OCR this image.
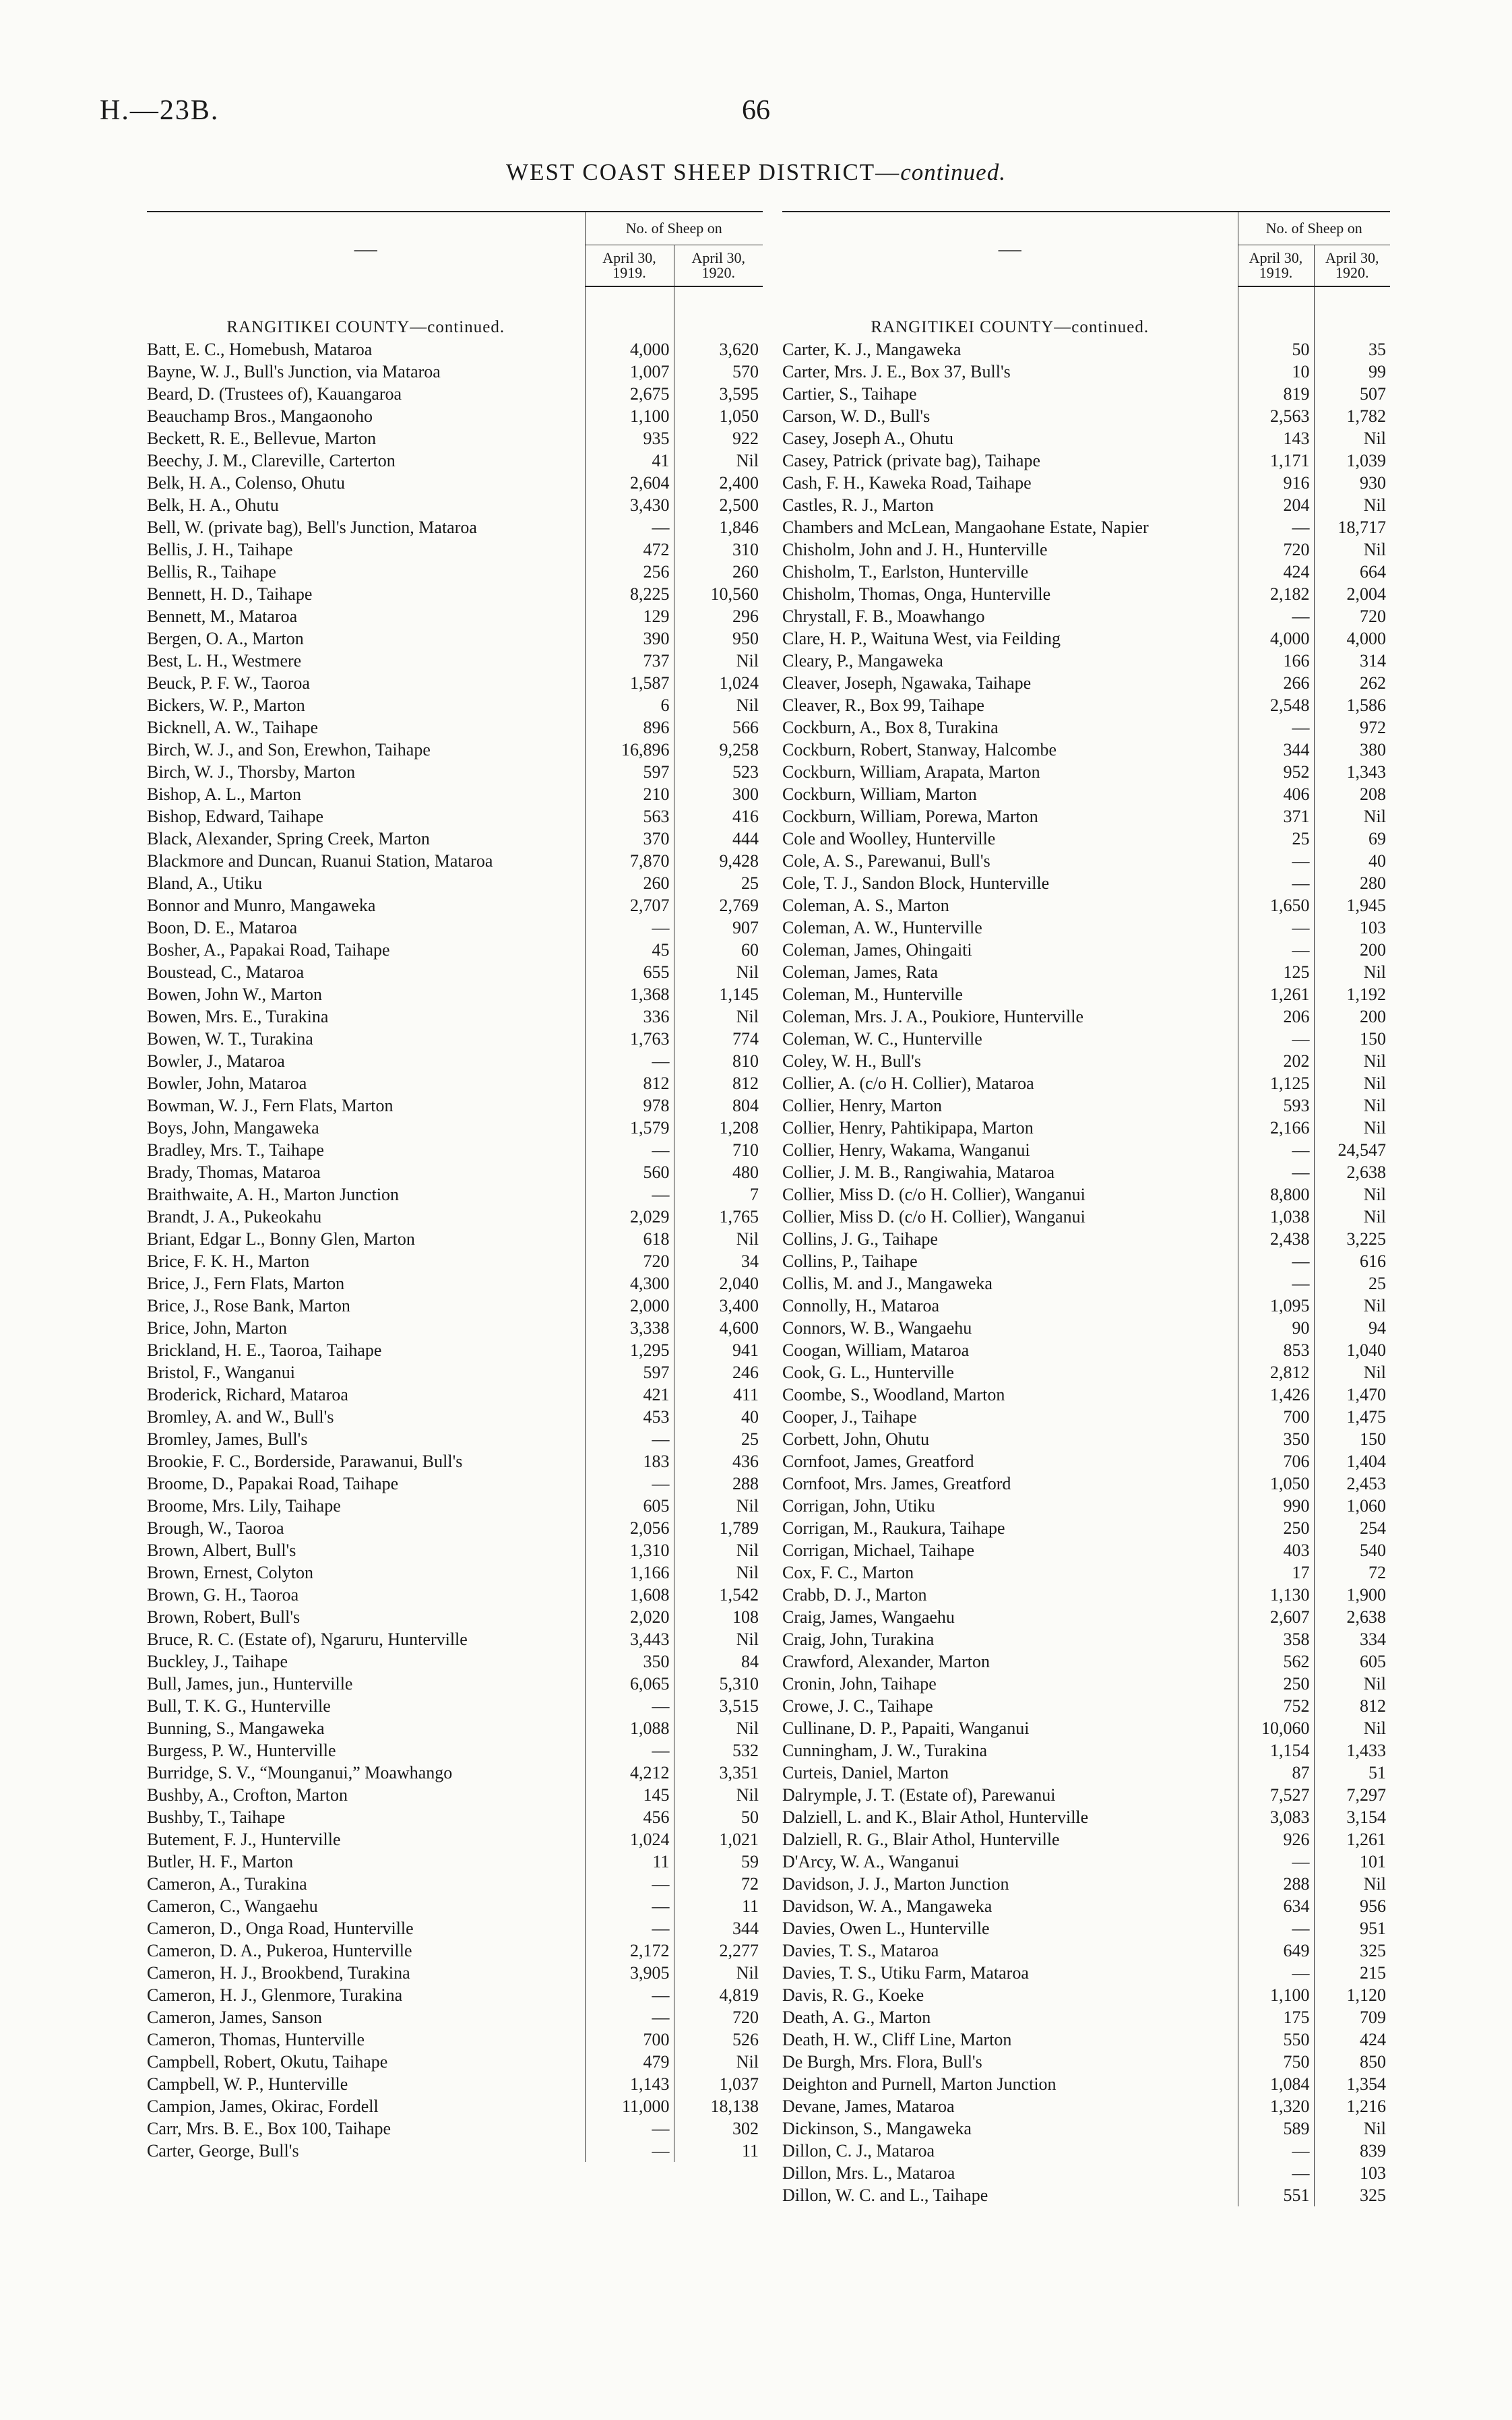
H.—23B.	66
WEST COAST SHEEP DISTRICT—continued.
—	No. of Sheep on	
	April 30, 1919.	April 30, 1920.
RANGITIKEI COUNTY—continued.		
Batt, E. C., Homebush, Mataroa	4,000	3,620
Bayne, W. J., Bull's Junction, via Mataroa	1,007	570
Beard, D. (Trustees of), Kauangaroa	2,675	3,595
Beauchamp Bros., Mangaonoho	1,100	1,050
Beckett, R. E., Bellevue, Marton	935	922
Beechy, J. M., Clareville, Carterton	41	Nil
Belk, H. A., Colenso, Ohutu	2,604	2,400
Belk, H. A., Ohutu	3,430	2,500
Bell, W. (private bag), Bell's Junction, Mataroa	—	1,846
Bellis, J. H., Taihape	472	310
Bellis, R., Taihape	256	260
Bennett, H. D., Taihape	8,225	10,560
Bennett, M., Mataroa	129	296
Bergen, O. A., Marton	390	950
Best, L. H., Westmere	737	Nil
Beuck, P. F. W., Taoroa	1,587	1,024
Bickers, W. P., Marton	6	Nil
Bicknell, A. W., Taihape	896	566
Birch, W. J., and Son, Erewhon, Taihape	16,896	9,258
Birch, W. J., Thorsby, Marton	597	523
Bishop, A. L., Marton	210	300
Bishop, Edward, Taihape	563	416
Black, Alexander, Spring Creek, Marton	370	444
Blackmore and Duncan, Ruanui Station, Mataroa	7,870	9,428
Bland, A., Utiku	260	25
Bonnor and Munro, Mangaweka	2,707	2,769
Boon, D. E., Mataroa	—	907
Bosher, A., Papakai Road, Taihape	45	60
Boustead, C., Mataroa	655	Nil
Bowen, John W., Marton	1,368	1,145
Bowen, Mrs. E., Turakina	336	Nil
Bowen, W. T., Turakina	1,763	774
Bowler, J., Mataroa	—	810
Bowler, John, Mataroa	812	812
Bowman, W. J., Fern Flats, Marton	978	804
Boys, John, Mangaweka	1,579	1,208
Bradley, Mrs. T., Taihape	—	710
Brady, Thomas, Mataroa	560	480
Braithwaite, A. H., Marton Junction	—	7
Brandt, J. A., Pukeokahu	2,029	1,765
Briant, Edgar L., Bonny Glen, Marton	618	Nil
Brice, F. K. H., Marton	720	34
Brice, J., Fern Flats, Marton	4,300	2,040
Brice, J., Rose Bank, Marton	2,000	3,400
Brice, John, Marton	3,338	4,600
Brickland, H. E., Taoroa, Taihape	1,295	941
Bristol, F., Wanganui	597	246
Broderick, Richard, Mataroa	421	411
Bromley, A. and W., Bull's	453	40
Bromley, James, Bull's	—	25
Brookie, F. C., Borderside, Parawanui, Bull's	183	436
Broome, D., Papakai Road, Taihape	—	288
Broome, Mrs. Lily, Taihape	605	Nil
Brough, W., Taoroa	2,056	1,789
Brown, Albert, Bull's	1,310	Nil
Brown, Ernest, Colyton	1,166	Nil
Brown, G. H., Taoroa	1,608	1,542
Brown, Robert, Bull's	2,020	108
Bruce, R. C. (Estate of), Ngaruru, Hunterville	3,443	Nil
Buckley, J., Taihape	350	84
Bull, James, jun., Hunterville	6,065	5,310
Bull, T. K. G., Hunterville	—	3,515
Bunning, S., Mangaweka	1,088	Nil
Burgess, P. W., Hunterville	—	532
Burridge, S. V., “Mounganui,” Moawhango	4,212	3,351
Bushby, A., Crofton, Marton	145	Nil
Bushby, T., Taihape	456	50
Butement, F. J., Hunterville	1,024	1,021
Butler, H. F., Marton	11	59
Cameron, A., Turakina	—	72
Cameron, C., Wangaehu	—	11
Cameron, D., Onga Road, Hunterville	—	344
Cameron, D. A., Pukeroa, Hunterville	2,172	2,277
Cameron, H. J., Brookbend, Turakina	3,905	Nil
Cameron, H. J., Glenmore, Turakina	—	4,819
Cameron, James, Sanson	—	720
Cameron, Thomas, Hunterville	700	526
Campbell, Robert, Okutu, Taihape	479	Nil
Campbell, W. P., Hunterville	1,143	1,037
Campion, James, Okirac, Fordell	11,000	18,138
Carr, Mrs. B. E., Box 100, Taihape	—	302
Carter, George, Bull's	—	11
—	No. of Sheep on	
	April 30, 1919.	April 30, 1920.
RANGITIKEI COUNTY—continued.		
Carter, K. J., Mangaweka	50	35
Carter, Mrs. J. E., Box 37, Bull's	10	99
Cartier, S., Taihape	819	507
Carson, W. D., Bull's	2,563	1,782
Casey, Joseph A., Ohutu	143	Nil
Casey, Patrick (private bag), Taihape	1,171	1,039
Cash, F. H., Kaweka Road, Taihape	916	930
Castles, R. J., Marton	204	Nil
Chambers and McLean, Mangaohane Estate, Napier	—	18,717
Chisholm, John and J. H., Hunterville	720	Nil
Chisholm, T., Earlston, Hunterville	424	664
Chisholm, Thomas, Onga, Hunterville	2,182	2,004
Chrystall, F. B., Moawhango	—	720
Clare, H. P., Waituna West, via Feilding	4,000	4,000
Cleary, P., Mangaweka	166	314
Cleaver, Joseph, Ngawaka, Taihape	266	262
Cleaver, R., Box 99, Taihape	2,548	1,586
Cockburn, A., Box 8, Turakina	—	972
Cockburn, Robert, Stanway, Halcombe	344	380
Cockburn, William, Arapata, Marton	952	1,343
Cockburn, William, Marton	406	208
Cockburn, William, Porewa, Marton	371	Nil
Cole and Woolley, Hunterville	25	69
Cole, A. S., Parewanui, Bull's	—	40
Cole, T. J., Sandon Block, Hunterville	—	280
Coleman, A. S., Marton	1,650	1,945
Coleman, A. W., Hunterville	—	103
Coleman, James, Ohingaiti	—	200
Coleman, James, Rata	125	Nil
Coleman, M., Hunterville	1,261	1,192
Coleman, Mrs. J. A., Poukiore, Hunterville	206	200
Coleman, W. C., Hunterville	—	150
Coley, W. H., Bull's	202	Nil
Collier, A. (c/o H. Collier), Mataroa	1,125	Nil
Collier, Henry, Marton	593	Nil
Collier, Henry, Pahtikipapa, Marton	2,166	Nil
Collier, Henry, Wakama, Wanganui	—	24,547
Collier, J. M. B., Rangiwahia, Mataroa	—	2,638
Collier, Miss D. (c/o H. Collier), Wanganui	8,800	Nil
Collier, Miss D. (c/o H. Collier), Wanganui	1,038	Nil
Collins, J. G., Taihape	2,438	3,225
Collins, P., Taihape	—	616
Collis, M. and J., Mangaweka	—	25
Connolly, H., Mataroa	1,095	Nil
Connors, W. B., Wangaehu	90	94
Coogan, William, Mataroa	853	1,040
Cook, G. L., Hunterville	2,812	Nil
Coombe, S., Woodland, Marton	1,426	1,470
Cooper, J., Taihape	700	1,475
Corbett, John, Ohutu	350	150
Cornfoot, James, Greatford	706	1,404
Cornfoot, Mrs. James, Greatford	1,050	2,453
Corrigan, John, Utiku	990	1,060
Corrigan, M., Raukura, Taihape	250	254
Corrigan, Michael, Taihape	403	540
Cox, F. C., Marton	17	72
Crabb, D. J., Marton	1,130	1,900
Craig, James, Wangaehu	2,607	2,638
Craig, John, Turakina	358	334
Crawford, Alexander, Marton	562	605
Cronin, John, Taihape	250	Nil
Crowe, J. C., Taihape	752	812
Cullinane, D. P., Papaiti, Wanganui	10,060	Nil
Cunningham, J. W., Turakina	1,154	1,433
Curteis, Daniel, Marton	87	51
Dalrymple, J. T. (Estate of), Parewanui	7,527	7,297
Dalziell, L. and K., Blair Athol, Hunterville	3,083	3,154
Dalziell, R. G., Blair Athol, Hunterville	926	1,261
D'Arcy, W. A., Wanganui	—	101
Davidson, J. J., Marton Junction	288	Nil
Davidson, W. A., Mangaweka	634	956
Davies, Owen L., Hunterville	—	951
Davies, T. S., Mataroa	649	325
Davies, T. S., Utiku Farm, Mataroa	—	215
Davis, R. G., Koeke	1,100	1,120
Death, A. G., Marton	175	709
Death, H. W., Cliff Line, Marton	550	424
De Burgh, Mrs. Flora, Bull's	750	850
Deighton and Purnell, Marton Junction	1,084	1,354
Devane, James, Mataroa	1,320	1,216
Dickinson, S., Mangaweka	589	Nil
Dillon, C. J., Mataroa	—	839
Dillon, Mrs. L., Mataroa	—	103
Dillon, W. C. and L., Taihape	551	325
